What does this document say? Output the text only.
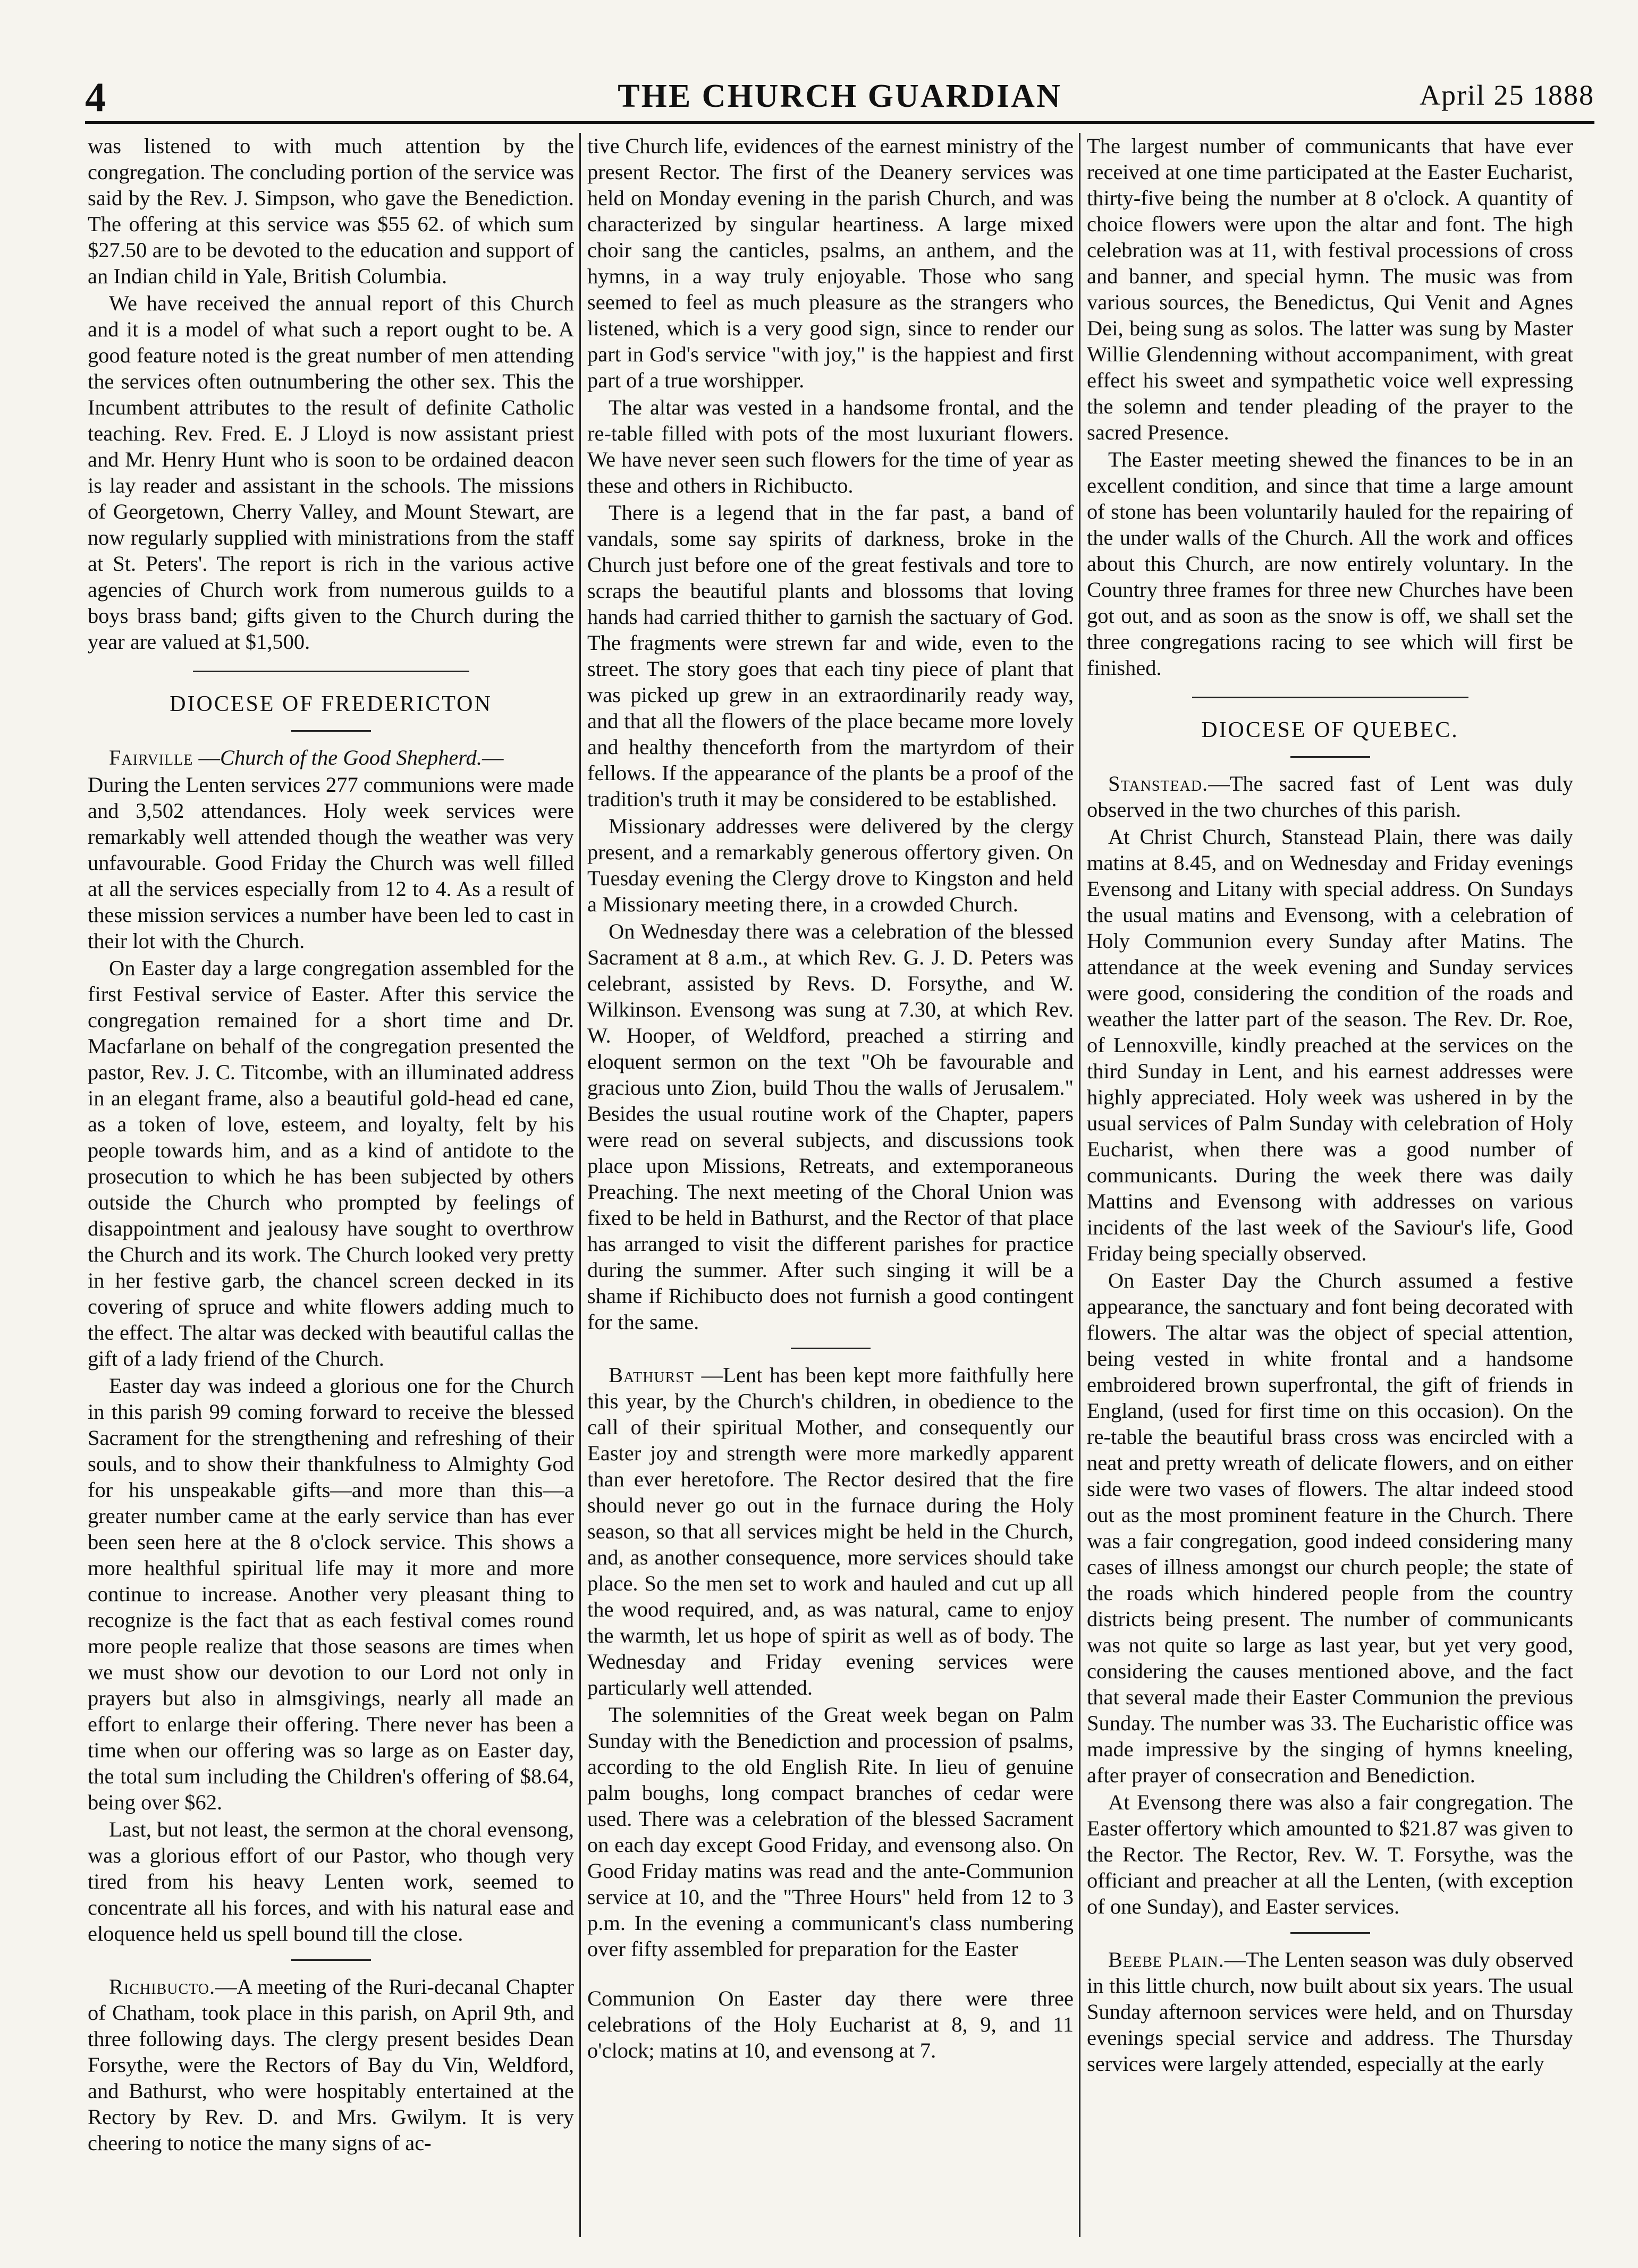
4	THE CHURCH GUARDIAN	April 25 1888

was listened to with much attention by the congregation. The concluding portion of the service was said by the Rev. J. Simpson, who gave the Benediction. The offering at this service was $55 62. of which sum $27.50 are to be devoted to the education and support of an Indian child in Yale, British Columbia.

We have received the annual report of this Church and it is a model of what such a report ought to be. A good feature noted is the great number of men attending the services often outnumbering the other sex. This the Incumbent attributes to the result of definite Catholic teaching. Rev. Fred. E. J Lloyd is now assistant priest and Mr. Henry Hunt who is soon to be ordained deacon is lay reader and assistant in the schools. The missions of Georgetown, Cherry Valley, and Mount Stewart, are now regularly supplied with ministrations from the staff at St. Peters'. The report is rich in the various active agencies of Church work from numerous guilds to a boys brass band; gifts given to the Church during the year are valued at $1,500.

DIOCESE OF FREDERICTON

Fairville —Church of the Good Shepherd.—

During the Lenten services 277 communions were made and 3,502 attendances. Holy week services were remarkably well attended though the weather was very unfavourable. Good Friday the Church was well filled at all the services especially from 12 to 4. As a result of these mission services a number have been led to cast in their lot with the Church.

On Easter day a large congregation assembled for the first Festival service of Easter. After this service the congregation remained for a short time and Dr. Macfarlane on behalf of the congregation presented the pastor, Rev. J. C. Titcombe, with an illuminated address in an elegant frame, also a beautiful gold-head ed cane, as a token of love, esteem, and loyalty, felt by his people towards him, and as a kind of antidote to the prosecution to which he has been subjected by others outside the Church who prompted by feelings of disappointment and jealousy have sought to overthrow the Church and its work. The Church looked very pretty in her festive garb, the chancel screen decked in its covering of spruce and white flowers adding much to the effect. The altar was decked with beautiful callas the gift of a lady friend of the Church.

Easter day was indeed a glorious one for the Church in this parish 99 coming forward to receive the blessed Sacrament for the strengthening and refreshing of their souls, and to show their thankfulness to Almighty God for his unspeakable gifts—and more than this—a greater number came at the early service than has ever been seen here at the 8 o'clock service. This shows a more healthful spiritual life may it more and more continue to increase. Another very pleasant thing to recognize is the fact that as each festival comes round more people realize that those seasons are times when we must show our devotion to our Lord not only in prayers but also in almsgivings, nearly all made an effort to enlarge their offering. There never has been a time when our offering was so large as on Easter day, the total sum including the Children's offering of $8.64, being over $62.

Last, but not least, the sermon at the choral evensong, was a glorious effort of our Pastor, who though very tired from his heavy Lenten work, seemed to concentrate all his forces, and with his natural ease and eloquence held us spell bound till the close.

Richibucto.—A meeting of the Ruri-decanal Chapter of Chatham, took place in this parish, on April 9th, and three following days. The clergy present besides Dean Forsythe, were the Rectors of Bay du Vin, Weldford, and Bathurst, who were hospitably entertained at the Rectory by Rev. D. and Mrs. Gwilym. It is very cheering to notice the many signs of ac-

tive Church life, evidences of the earnest ministry of the present Rector. The first of the Deanery services was held on Monday evening in the parish Church, and was characterized by singular heartiness. A large mixed choir sang the canticles, psalms, an anthem, and the hymns, in a way truly enjoyable. Those who sang seemed to feel as much pleasure as the strangers who listened, which is a very good sign, since to render our part in God's service "with joy," is the happiest and first part of a true worshipper.

The altar was vested in a handsome frontal, and the re-table filled with pots of the most luxuriant flowers. We have never seen such flowers for the time of year as these and others in Richibucto.

There is a legend that in the far past, a band of vandals, some say spirits of darkness, broke in the Church just before one of the great festivals and tore to scraps the beautiful plants and blossoms that loving hands had carried thither to garnish the sactuary of God. The fragments were strewn far and wide, even to the street. The story goes that each tiny piece of plant that was picked up grew in an extraordinarily ready way, and that all the flowers of the place became more lovely and healthy thenceforth from the martyrdom of their fellows. If the appearance of the plants be a proof of the tradition's truth it may be considered to be established.

Missionary addresses were delivered by the clergy present, and a remarkably generous offertory given. On Tuesday evening the Clergy drove to Kingston and held a Missionary meeting there, in a crowded Church.

On Wednesday there was a celebration of the blessed Sacrament at 8 a.m., at which Rev. G. J. D. Peters was celebrant, assisted by Revs. D. Forsythe, and W. Wilkinson. Evensong was sung at 7.30, at which Rev. W. Hooper, of Weldford, preached a stirring and eloquent sermon on the text "Oh be favourable and gracious unto Zion, build Thou the walls of Jerusalem." Besides the usual routine work of the Chapter, papers were read on several subjects, and discussions took place upon Missions, Retreats, and extemporaneous Preaching. The next meeting of the Choral Union was fixed to be held in Bathurst, and the Rector of that place has arranged to visit the different parishes for practice during the summer. After such singing it will be a shame if Richibucto does not furnish a good contingent for the same.

Bathurst —Lent has been kept more faithfully here this year, by the Church's children, in obedience to the call of their spiritual Mother, and consequently our Easter joy and strength were more markedly apparent than ever heretofore. The Rector desired that the fire should never go out in the furnace during the Holy season, so that all services might be held in the Church, and, as another consequence, more services should take place. So the men set to work and hauled and cut up all the wood required, and, as was natural, came to enjoy the warmth, let us hope of spirit as well as of body. The Wednesday and Friday evening services were particularly well attended.

The solemnities of the Great week began on Palm Sunday with the Benediction and procession of psalms, according to the old English Rite. In lieu of genuine palm boughs, long compact branches of cedar were used. There was a celebration of the blessed Sacrament on each day except Good Friday, and evensong also. On Good Friday matins was read and the ante-Communion service at 10, and the "Three Hours" held from 12 to 3 p.m. In the evening a communicant's class numbering over fifty assembled for preparation for the Easter

Communion On Easter day there were three celebrations of the Holy Eucharist at 8, 9, and 11 o'clock; matins at 10, and evensong at 7.

The largest number of communicants that have ever received at one time participated at the Easter Eucharist, thirty-five being the number at 8 o'clock. A quantity of choice flowers were upon the altar and font. The high celebration was at 11, with festival processions of cross and banner, and special hymn. The music was from various sources, the Benedictus, Qui Venit and Agnes Dei, being sung as solos. The latter was sung by Master Willie Glendenning without accompaniment, with great effect his sweet and sympathetic voice well expressing the solemn and tender pleading of the prayer to the sacred Presence.

The Easter meeting shewed the finances to be in an excellent condition, and since that time a large amount of stone has been voluntarily hauled for the repairing of the under walls of the Church. All the work and offices about this Church, are now entirely voluntary. In the Country three frames for three new Churches have been got out, and as soon as the snow is off, we shall set the three congregations racing to see which will first be finished.

DIOCESE OF QUEBEC.

Stanstead.—The sacred fast of Lent was duly observed in the two churches of this parish.

At Christ Church, Stanstead Plain, there was daily matins at 8.45, and on Wednesday and Friday evenings Evensong and Litany with special address. On Sundays the usual matins and Evensong, with a celebration of Holy Communion every Sunday after Matins. The attendance at the week evening and Sunday services were good, considering the condition of the roads and weather the latter part of the season. The Rev. Dr. Roe, of Lennoxville, kindly preached at the services on the third Sunday in Lent, and his earnest addresses were highly appreciated. Holy week was ushered in by the usual services of Palm Sunday with celebration of Holy Eucharist, when there was a good number of communicants. During the week there was daily Mattins and Evensong with addresses on various incidents of the last week of the Saviour's life, Good Friday being specially observed.

On Easter Day the Church assumed a festive appearance, the sanctuary and font being decorated with flowers. The altar was the object of special attention, being vested in white frontal and a handsome embroidered brown superfrontal, the gift of friends in England, (used for first time on this occasion). On the re-table the beautiful brass cross was encircled with a neat and pretty wreath of delicate flowers, and on either side were two vases of flowers. The altar indeed stood out as the most prominent feature in the Church. There was a fair congregation, good indeed considering many cases of illness amongst our church people; the state of the roads which hindered people from the country districts being present. The number of communicants was not quite so large as last year, but yet very good, considering the causes mentioned above, and the fact that several made their Easter Communion the previous Sunday. The number was 33. The Eucharistic office was made impressive by the singing of hymns kneeling, after prayer of consecration and Benediction.

At Evensong there was also a fair congregation. The Easter offertory which amounted to $21.87 was given to the Rector. The Rector, Rev. W. T. Forsythe, was the officiant and preacher at all the Lenten, (with exception of one Sunday), and Easter services.

Beebe Plain.—The Lenten season was duly observed in this little church, now built about six years. The usual Sunday afternoon services were held, and on Thursday evenings special service and address. The Thursday services were largely attended, especially at the early
